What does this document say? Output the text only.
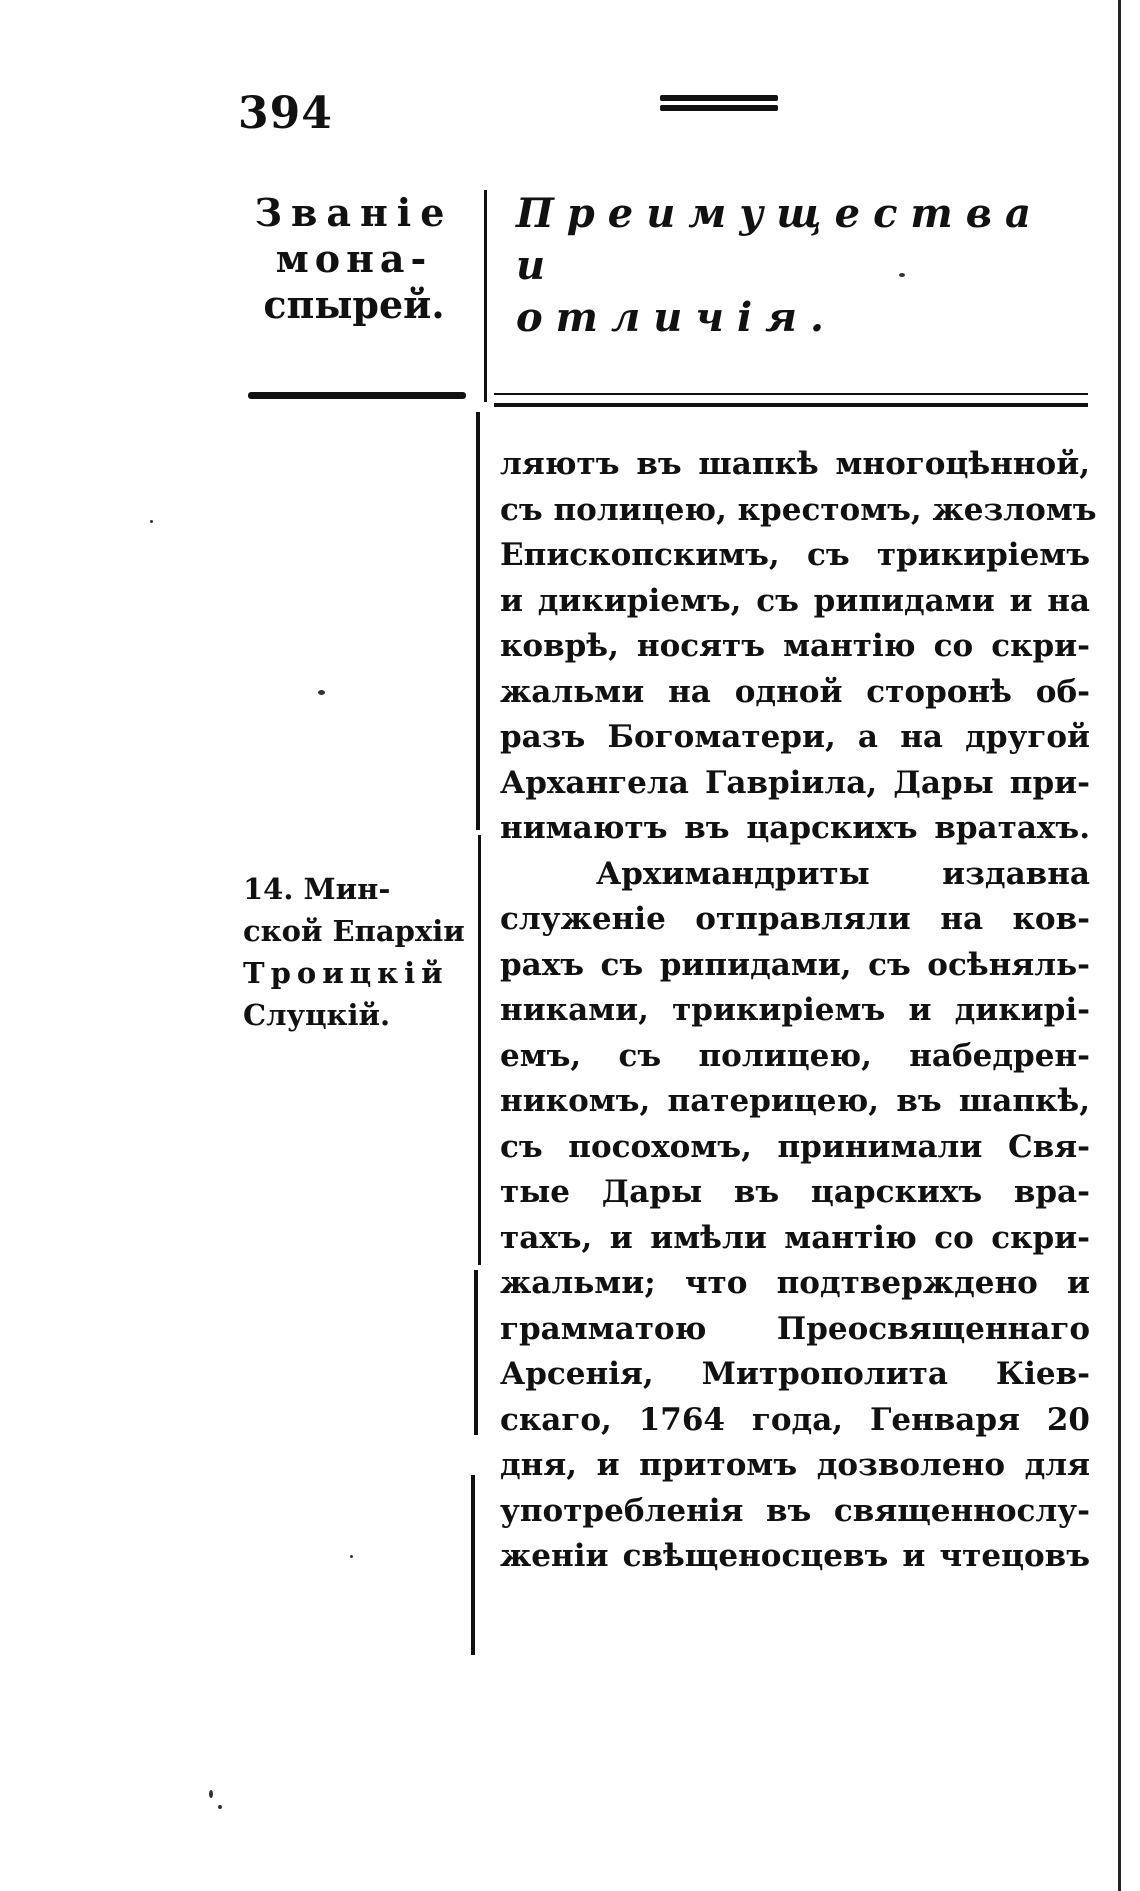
394
Званіе
мона-
спырей.
Преимущества и
отличія.
14. Мин-
ской Епархіи
Троицкій
Слуцкій.
ляютъ въ шапкѣ многоцѣнной,
съ полицею, крестомъ, жезломъ
Епископскимъ, съ трикиріемъ
и дикиріемъ, съ рипидами и на
коврѣ, носятъ мантію со скри-
жальми на одной сторонѣ об-
разъ Богоматери, а на другой
Архангела Гавріила, Дары при-
нимаютъ въ царскихъ вратахъ.
Архимандриты издавна
служеніе отправляли на ков-
рахъ съ рипидами, съ осѣняль-
никами, трикиріемъ и дикирі-
емъ, съ полицею, набедрен-
никомъ, патерицею, въ шапкѣ,
съ посохомъ, принимали Свя-
тые Дары въ царскихъ вра-
тахъ, и имѣли мантію со скри-
жальми; что подтверждено и
грамматою Преосвященнаго
Арсенія, Митрополита Кіев-
скаго, 1764 года, Генваря 20
дня, и притомъ дозволено для
употребленія въ священнослу-
женіи свѣщеносцевъ и чтецовъ
